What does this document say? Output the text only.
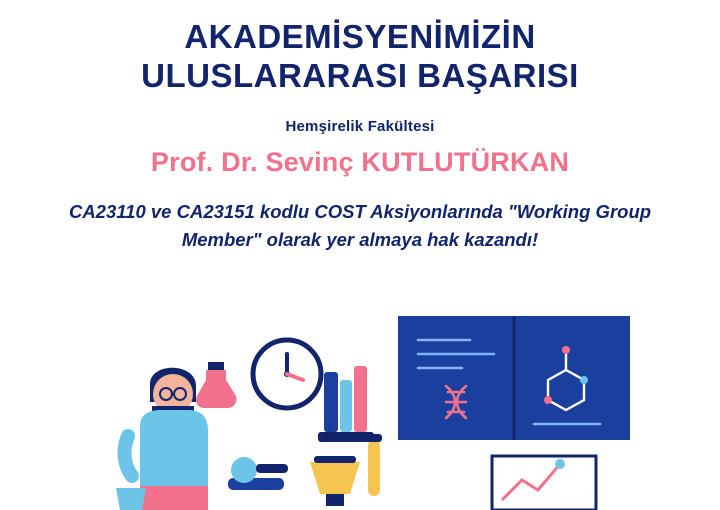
AKADEMİSYENİMİZİN
ULUSLARARASI BAŞARISI
Hemşirelik Fakültesi
Prof. Dr. Sevinç KUTLUTÜRKAN
CA23110 ve CA23151 kodlu COST Aksiyonlarında "Working Group Member" olarak yer almaya hak kazandı!
